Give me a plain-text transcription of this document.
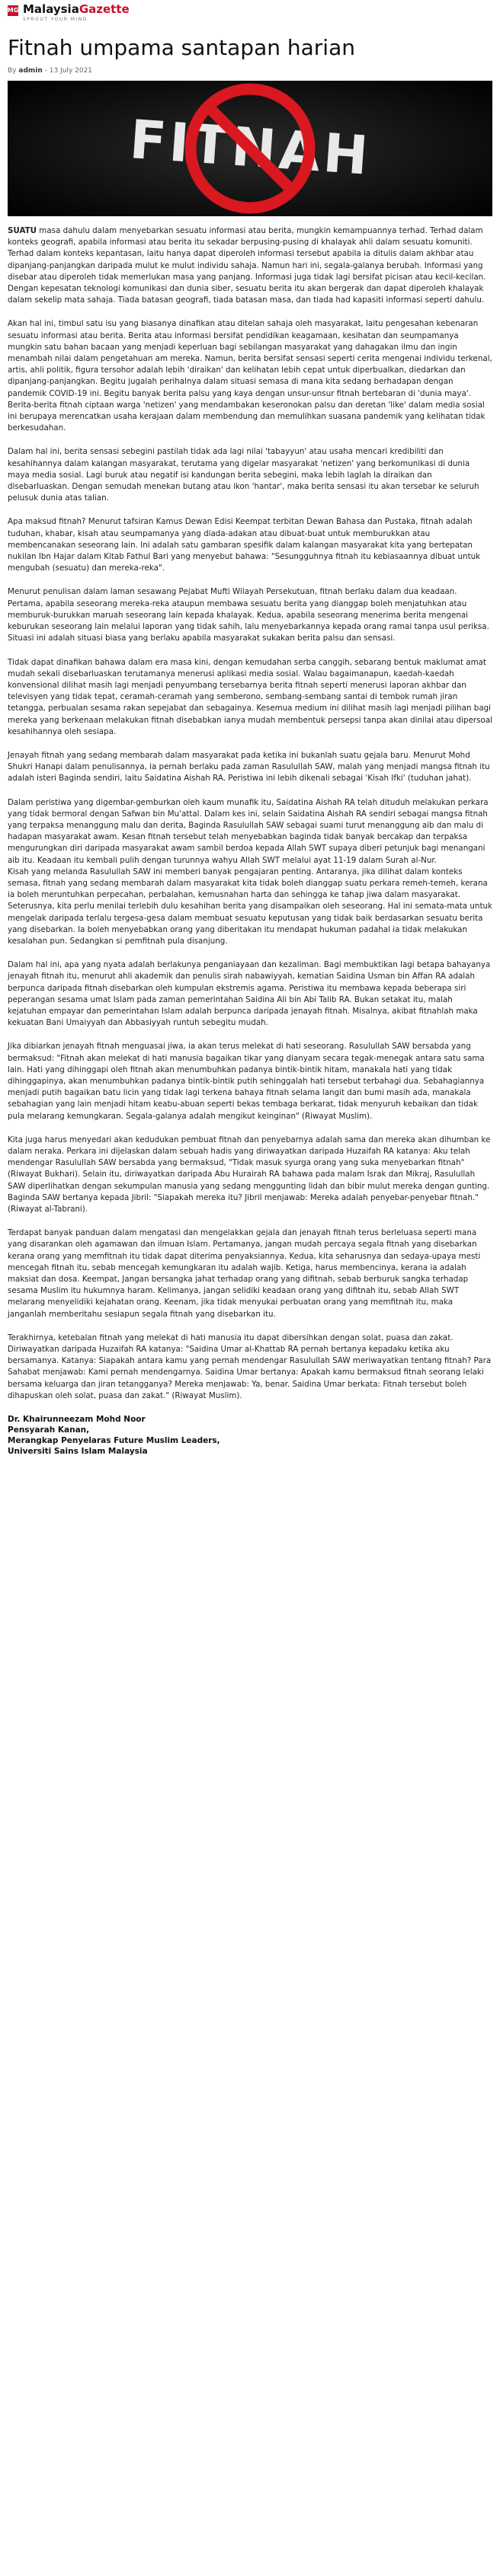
MG MalaysiaGazette
SPROUT YOUR MIND
Fitnah umpama santapan harian
By admin - 13 July 2021

SUATU masa dahulu dalam menyebarkan sesuatu informasi atau berita, mungkin kemampuannya terhad. Terhad dalam konteks geografi, apabila informasi atau berita itu sekadar berpusing-pusing di khalayak ahli dalam sesuatu komuniti. Terhad dalam konteks kepantasan, laitu hanya dapat diperoleh informasi tersebut apabila ia ditulis dalam akhbar atau dipanjang-panjangkan daripada mulut ke mulut individu sahaja. Namun hari ini, segala-galanya berubah. Informasi yang disebar atau diperoleh tidak memerlukan masa yang panjang. Informasi juga tidak lagi bersifat picisan atau kecil-kecilan. Dengan kepesatan teknologi komunikasi dan dunia siber, sesuatu berita itu akan bergerak dan dapat diperoleh khalayak dalam sekelip mata sahaja. Tiada batasan geografi, tiada batasan masa, dan tiada had kapasiti informasi seperti dahulu.

Akan hal ini, timbul satu isu yang biasanya dinafikan atau ditelan sahaja oleh masyarakat, laitu pengesahan kebenaran sesuatu informasi atau berita. Berita atau informasi bersifat pendidikan keagamaan, kesihatan dan seumpamanya mungkin satu bahan bacaan yang menjadi keperluan bagi sebilangan masyarakat yang dahagakan ilmu dan ingin menambah nilai dalam pengetahuan am mereka. Namun, berita bersifat sensasi seperti cerita mengenai individu terkenal, artis, ahli politik, figura tersohor adalah lebih 'diraikan' dan kelihatan lebih cepat untuk diperbualkan, diedarkan dan dipanjang-panjangkan. Begitu jugalah perihalnya dalam situasi semasa di mana kita sedang berhadapan dengan pandemik COVID-19 ini. Begitu banyak berita palsu yang kaya dengan unsur-unsur fitnah bertebaran di 'dunia maya'. Berita-berita fitnah ciptaan warga 'netizen' yang mendambakan keseronokan palsu dan deretan 'like' dalam media sosial ini berupaya merencatkan usaha kerajaan dalam membendung dan memulihkan suasana pandemik yang kelihatan tidak berkesudahan.

Dalam hal ini, berita sensasi sebegini pastilah tidak ada lagi nilai 'tabayyun' atau usaha mencari kredibiliti dan kesahihannya dalam kalangan masyarakat, terutama yang digelar masyarakat 'netizen' yang berkomunikasi di dunia maya media sosial. Lagi buruk atau negatif isi kandungan berita sebegini, maka lebih laglah la diraikan dan disebarluaskan. Dengan semudah menekan butang atau ikon 'hantar', maka berita sensasi itu akan tersebar ke seluruh pelusuk dunia atas talian.

Apa maksud fitnah? Menurut tafsiran Kamus Dewan Edisi Keempat terbitan Dewan Bahasa dan Pustaka, fitnah adalah tuduhan, khabar, kisah atau seumpamanya yang diada-adakan atau dibuat-buat untuk memburukkan atau membencanakan seseorang lain. Ini adalah satu gambaran spesifik dalam kalangan masyarakat kita yang bertepatan nukilan Ibn Hajar dalam Kitab Fathul Bari yang menyebut bahawa: "Sesungguhnya fitnah itu kebiasaannya dibuat untuk mengubah (sesuatu) dan mereka-reka".

Menurut penulisan dalam laman sesawang Pejabat Mufti Wilayah Persekutuan, fitnah berlaku dalam dua keadaan. Pertama, apabila seseorang mereka-reka ataupun membawa sesuatu berita yang dianggap boleh menjatuhkan atau memburuk-burukkan maruah seseorang lain kepada khalayak. Kedua, apabila seseorang menerima berita mengenai keburukan seseorang lain melalui laporan yang tidak sahih, lalu menyebarkannya kepada orang ramai tanpa usul periksa. Situasi ini adalah situasi biasa yang berlaku apabila masyarakat sukakan berita palsu dan sensasi.

Tidak dapat dinafikan bahawa dalam era masa kini, dengan kemudahan serba canggih, sebarang bentuk maklumat amat mudah sekali disebarluaskan terutamanya menerusi aplikasi media sosial. Walau bagaimanapun, kaedah-kaedah konvensional dilihat masih lagi menjadi penyumbang tersebarnya berita fitnah seperti menerusi laporan akhbar dan televisyen yang tidak tepat, ceramah-ceramah yang semberono, sembang-sembang santai di tembok rumah jiran tetangga, perbualan sesama rakan sepejabat dan sebagainya. Kesemua medium ini dilihat masih lagi menjadi pilihan bagi mereka yang berkenaan melakukan fitnah disebabkan ianya mudah membentuk persepsi tanpa akan dinilai atau dipersoal kesahihannya oleh sesiapa.

Jenayah fitnah yang sedang membarah dalam masyarakat pada ketika ini bukanlah suatu gejala baru. Menurut Mohd Shukri Hanapi dalam penulisannya, ia pernah berlaku pada zaman Rasulullah SAW, malah yang menjadi mangsa fitnah itu adalah isteri Baginda sendiri, laitu Saidatina Aishah RA. Peristiwa ini lebih dikenali sebagai 'Kisah Ifki' (tuduhan jahat).

Dalam peristiwa yang digembar-gemburkan oleh kaum munafik itu, Saidatina Aishah RA telah dituduh melakukan perkara yang tidak bermoral dengan Safwan bin Mu'attal. Dalam kes ini, selain Saidatina Aishah RA sendiri sebagai mangsa fitnah yang terpaksa menanggung malu dan derita, Baginda Rasulullah SAW sebagai suami turut menanggung aib dan malu di hadapan masyarakat awam. Kesan fitnah tersebut telah menyebabkan baginda tidak banyak bercakap dan terpaksa mengurungkan diri daripada masyarakat awam sambil berdoa kepada Allah SWT supaya diberi petunjuk bagi menangani aib itu. Keadaan itu kembali pulih dengan turunnya wahyu Allah SWT melalui ayat 11-19 dalam Surah al-Nur.

Kisah yang melanda Rasulullah SAW ini memberi banyak pengajaran penting. Antaranya, jika dilihat dalam konteks semasa, fitnah yang sedang membarah dalam masyarakat kita tidak boleh dianggap suatu perkara remeh-temeh, kerana ia boleh meruntuhkan perpecahan, perbalahan, kemusnahan harta dan sehingga ke tahap jiwa dalam masyarakat. Seterusnya, kita perlu menilai terlebih dulu kesahihan berita yang disampaikan oleh seseorang. Hal ini semata-mata untuk mengelak daripada terlalu tergesa-gesa dalam membuat sesuatu keputusan yang tidak baik berdasarkan sesuatu berita yang disebarkan. Ia boleh menyebabkan orang yang diberitakan itu mendapat hukuman padahal ia tidak melakukan kesalahan pun. Sedangkan si pemfitnah pula disanjung.

Dalam hal ini, apa yang nyata adalah berlakunya penganiayaan dan kezaliman. Bagi membuktikan lagi betapa bahayanya jenayah fitnah itu, menurut ahli akademik dan penulis sirah nabawiyyah, kematian Saidina Usman bin Affan RA adalah berpunca daripada fitnah disebarkan oleh kumpulan ekstremis agama. Peristiwa itu membawa kepada beberapa siri peperangan sesama umat Islam pada zaman pemerintahan Saidina Ali bin Abi Talib RA. Bukan setakat itu, malah kejatuhan empayar dan pemerintahan Islam adalah berpunca daripada jenayah fitnah. Misalnya, akibat fitnahlah maka kekuatan Bani Umaiyyah dan Abbasiyyah runtuh sebegitu mudah.

Jika dibiarkan jenayah fitnah menguasai jiwa, ia akan terus melekat di hati seseorang. Rasulullah SAW bersabda yang bermaksud: "Fitnah akan melekat di hati manusia bagaikan tikar yang dianyam secara tegak-menegak antara satu sama lain. Hati yang dihinggapi oleh fitnah akan menumbuhkan padanya bintik-bintik hitam, manakala hati yang tidak dihinggapinya, akan menumbuhkan padanya bintik-bintik putih sehinggalah hati tersebut terbahagi dua. Sebahagiannya menjadi putih bagaikan batu licin yang tidak lagi terkena bahaya fitnah selama langit dan bumi masih ada, manakala sebahagian yang lain menjadi hitam keabu-abuan seperti bekas tembaga berkarat, tidak menyuruh kebaikan dan tidak pula melarang kemungkaran. Segala-galanya adalah mengikut keinginan" (Riwayat Muslim).

Kita juga harus menyedari akan kedudukan pembuat fitnah dan penyebarnya adalah sama dan mereka akan dihumban ke dalam neraka. Perkara ini dijelaskan dalam sebuah hadis yang diriwayatkan daripada Huzaifah RA katanya: Aku telah mendengar Rasulullah SAW bersabda yang bermaksud, "Tidak masuk syurga orang yang suka menyebarkan fitnah" (Riwayat Bukhari). Selain itu, diriwayatkan daripada Abu Hurairah RA bahawa pada malam Israk dan Mikraj, Rasulullah SAW diperlihatkan dengan sekumpulan manusia yang sedang menggunting lidah dan bibir mulut mereka dengan gunting. Baginda SAW bertanya kepada Jibril: "Siapakah mereka itu? Jibril menjawab: Mereka adalah penyebar-penyebar fitnah." (Riwayat al-Tabrani).

Terdapat banyak panduan dalam mengatasi dan mengelakkan gejala dan jenayah fitnah terus berleluasa seperti mana yang disarankan oleh agamawan dan ilmuan Islam. Pertamanya, jangan mudah percaya segala fitnah yang disebarkan kerana orang yang memfitnah itu tidak dapat diterima penyaksiannya. Kedua, kita seharusnya dan sedaya-upaya mesti mencegah fitnah itu, sebab mencegah kemungkaran itu adalah wajib. Ketiga, harus membencinya, kerana ia adalah maksiat dan dosa. Keempat, Jangan bersangka jahat terhadap orang yang difitnah, sebab berburuk sangka terhadap sesama Muslim itu hukumnya haram. Kelimanya, jangan selidiki keadaan orang yang difitnah itu, sebab Allah SWT melarang menyelidiki kejahatan orang. Keenam, jika tidak menyukai perbuatan orang yang memfitnah itu, maka janganlah memberitahu sesiapun segala fitnah yang disebarkan itu.

Terakhirnya, ketebalan fitnah yang melekat di hati manusia itu dapat dibersihkan dengan solat, puasa dan zakat. Diriwayatkan daripada Huzaifah RA katanya: "Saidina Umar al-Khattab RA pernah bertanya kepadaku ketika aku bersamanya. Katanya: Siapakah antara kamu yang pernah mendengar Rasulullah SAW meriwayatkan tentang fitnah? Para Sahabat menjawab: Kami pernah mendengarnya. Saidina Umar bertanya: Apakah kamu bermaksud fitnah seorang lelaki bersama keluarga dan jiran tetangganya? Mereka menjawab: Ya, benar. Saidina Umar berkata: Fitnah tersebut boleh dihapuskan oleh solat, puasa dan zakat." (Riwayat Muslim).

Dr. Khairunneezam Mohd Noor

Pensyarah Kanan,

Merangkap Penyelaras Future Muslim Leaders,

Universiti Sains Islam Malaysia
